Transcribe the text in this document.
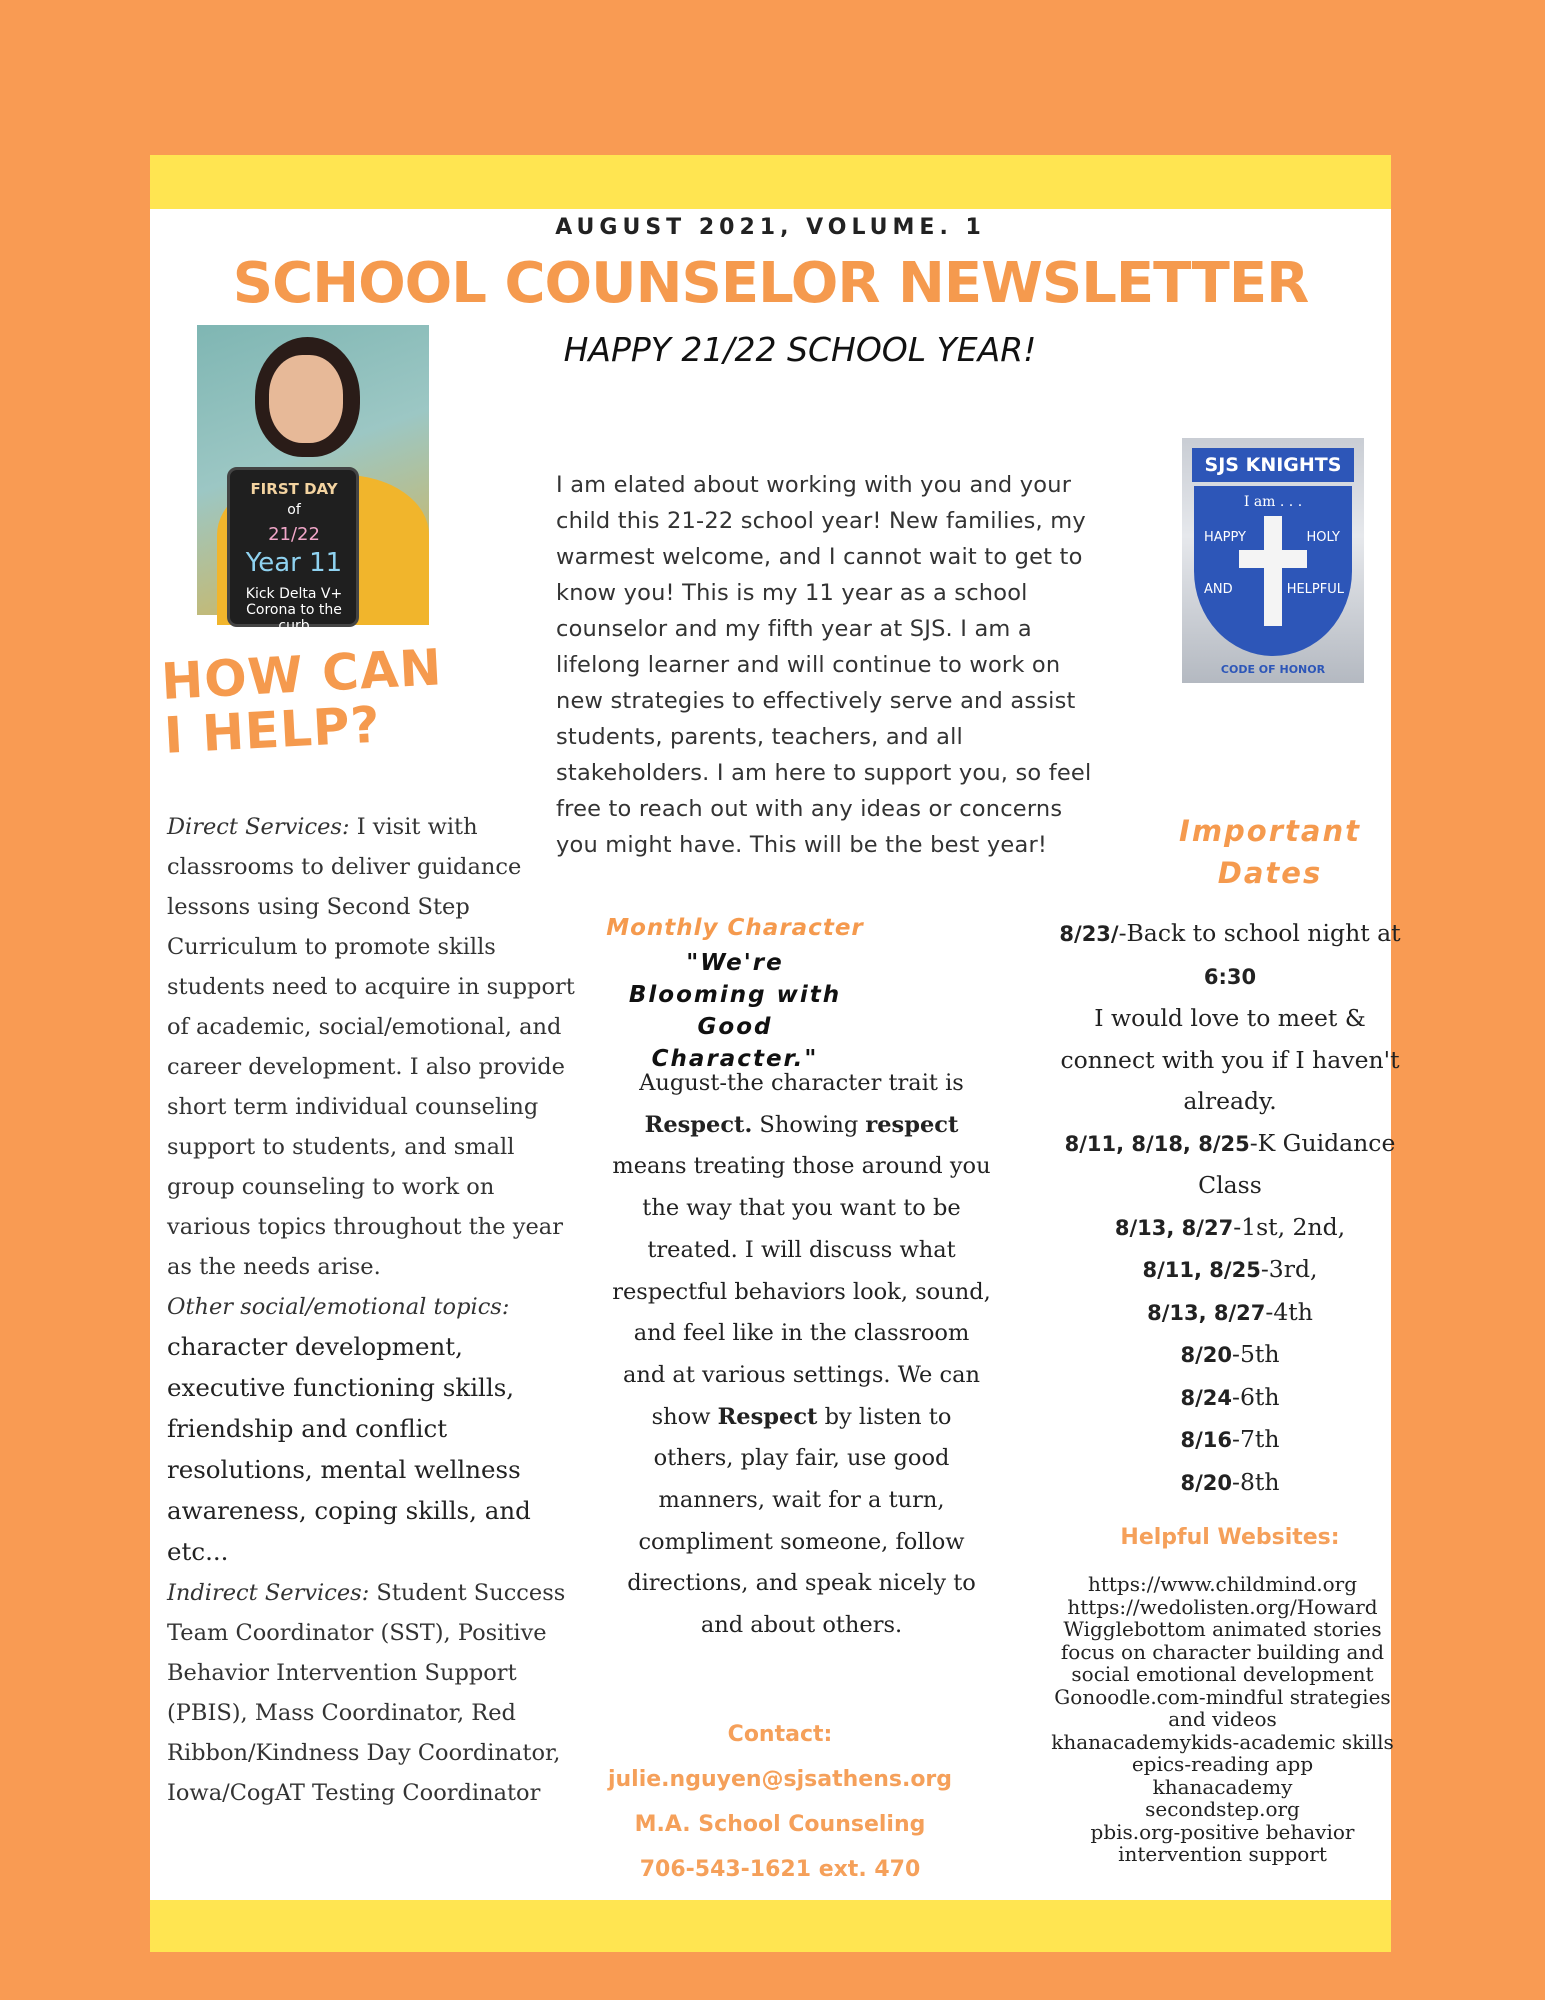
AUGUST 2021, VOLUME. 1
SCHOOL COUNSELOR NEWSLETTER
HAPPY 21/22 SCHOOL YEAR!
FIRST DAY
of
21/22
Year 11
Kick Delta V+ Corona to the curb
HOW CAN I HELP?
Direct Services: I visit with classrooms to deliver guidance lessons using Second Step Curriculum to promote skills students need to acquire in support of academic, social/emotional, and career development. I also provide short term individual counseling support to students, and small group counseling to work on various topics throughout the year as the needs arise.
Other social/emotional topics:
character development, executive functioning skills, friendship and conflict resolutions, mental wellness awareness, coping skills, and etc...
Indirect Services: Student Success Team Coordinator (SST), Positive Behavior Intervention Support (PBIS), Mass Coordinator, Red Ribbon/Kindness Day Coordinator, Iowa/CogAT Testing Coordinator
I am elated about working with you and your child this 21-22 school year! New families, my warmest welcome, and I cannot wait to get to know you! This is my 11 year as a school counselor and my fifth year at SJS. I am a lifelong learner and will continue to work on new strategies to effectively serve and assist students, parents, teachers, and all stakeholders. I am here to support you, so feel free to reach out with any ideas or concerns you might have. This will be the best year!
Monthly Character
"We're Blooming with Good Character."
August-the character trait is Respect. Showing respect means treating those around you the way that you want to be treated. I will discuss what respectful behaviors look, sound, and feel like in the classroom and at various settings. We can show Respect by listen to others, play fair, use good manners, wait for a turn, compliment someone, follow directions, and speak nicely to and about others.
Contact:
julie.nguyen@sjsathens.org
M.A. School Counseling
706-543-1621 ext. 470
SJS KNIGHTS
I am . . .
HAPPY	HOLY
AND	HELPFUL
CODE OF HONOR
Important Dates
8/23/-Back to school night at 6:30
I would love to meet & connect with you if I haven't already.
8/11, 8/18, 8/25-K Guidance Class
8/13, 8/27-1st, 2nd,
8/11, 8/25-3rd,
8/13, 8/27-4th
8/20-5th
8/24-6th
8/16-7th
8/20-8th
Helpful Websites:
https://www.childmind.org
https://wedolisten.org/Howard Wigglebottom animated stories focus on character building and social emotional development
Gonoodle.com-mindful strategies and videos
khanacademykids-academic skills
epics-reading app
khanacademy
secondstep.org
pbis.org-positive behavior intervention support
